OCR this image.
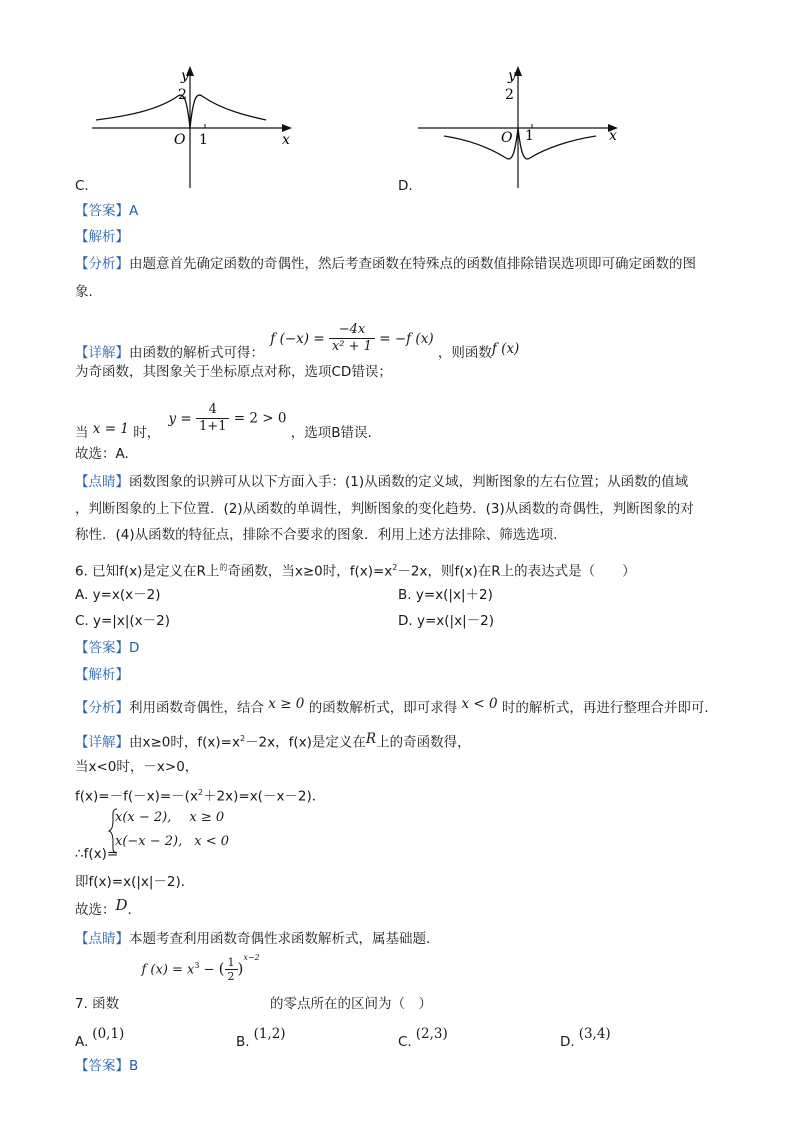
C.
y
x
O 1
2
D.
y
x
O 1
2
【答案】A
【解析】
【分析】由题意首先确定函数的奇偶性，然后考查函数在特殊点的函数值排除错误选项即可确定函数的图
象.
【详解】由函数的解析式可得： f $(-x) = \frac{-4x}{\text{x² + 1}} = -f$ (x) ，则函数f (x)
为奇函数，其图象关于坐标原点对称，选项CD错误；
当 x = 1 时， $y = \frac{4}{1+1} = 2 > 0$ ，选项B错误.
故选：A.
【点睛】函数图象的识辨可从以下方面入手：(1)从函数的定义域，判断图象的左右位置；从函数的值域
，判断图象的上下位置．(2)从函数的单调性，判断图象的变化趋势．(3)从函数的奇偶性，判断图象的对
称性．(4)从函数的特征点，排除不合要求的图象．利用上述方法排除、筛选选项.
6. 已知f(x)是定义在R上$^的$奇函数，当x≥0时，$f(x)=x^2-2x$，则f(x)在R上的表达式是（　　）
A. y=x(x－2)	B. y=x(|x|＋2)
C. y=|x|(x－2)	D. y=x(|x|－2)
【答案】D
【解析】
【分析】利用函数奇偶性，结合 x ≥ 0 的函数解析式，即可求得 x < 0 时的解析式，再进行整理合并即可.
【详解】由x≥0时，$f(x)=x^2-2x$，f(x)是定义在R上的奇函数得，
当x<0时，－x>0，
$f(x)=-f(-x)=-(x^2+2x)=x(-x-2)$．
x(x − 2), x ≥ 0
x(−x − 2), x < 0
∴f(x)=
即f(x)=x(|x|－2)．
故选：D.
【点睛】本题考查利用函数奇偶性求函数解析式，属基础题.
7. 函数 f $(x) = x^3$ − ( $\frac{1}{2} )^{x-2}$ 的零点所在的区间为（　）
A. (0,1)	B. (1,2)	C. (2,3)	D. (3,4)
【答案】B
